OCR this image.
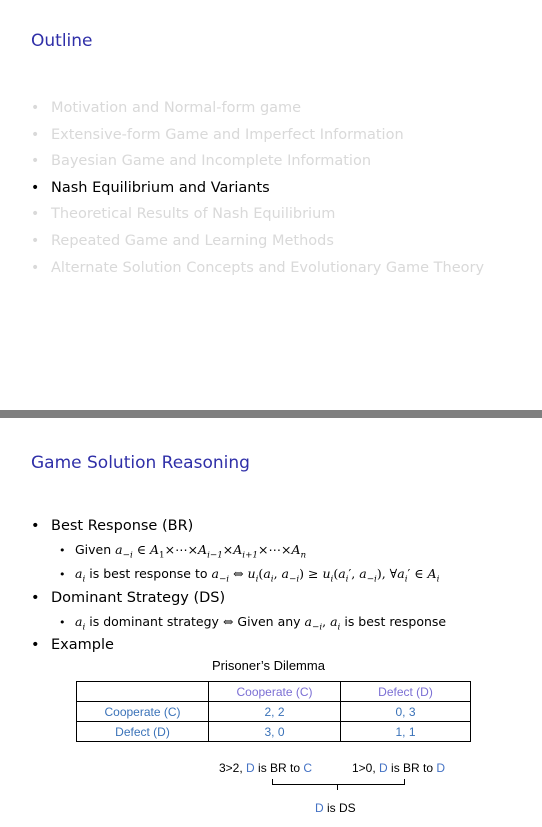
Outline
• Motivation and Normal-form game
• Extensive-form Game and Imperfect Information
• Bayesian Game and Incomplete Information
• Nash Equilibrium and Variants
• Theoretical Results of Nash Equilibrium
• Repeated Game and Learning Methods
• Alternate Solution Concepts and Evolutionary Game Theory
Game Solution Reasoning
• Best Response (BR)
• Given $a_{-i}$ ∈ $A_1\times\cdots\times A_{i-1}\times A_{i+1}\times\cdots\times A_n$
• $a_i$ is best response to $a_{-i}$ ⇔ $u_i(a_i$, $a_{-i}) \ge u_i(a_i'$, $a_{-i}$), $\forall a_i'$ ∈ $A_i$
• Dominant Strategy (DS)
• $a_i$ is dominant strategy ⇔ Given any $a_{-i}$, $a_i$ is best response
• Example
Prisoner’s Dilemma
	Cooperate (C)	Defect (D)
Cooperate (C)	2, 2	0, 3
Defect (D)	3, 0	1, 1
3>2, D is BR to C	1>0, D is BR to D
D is DS
